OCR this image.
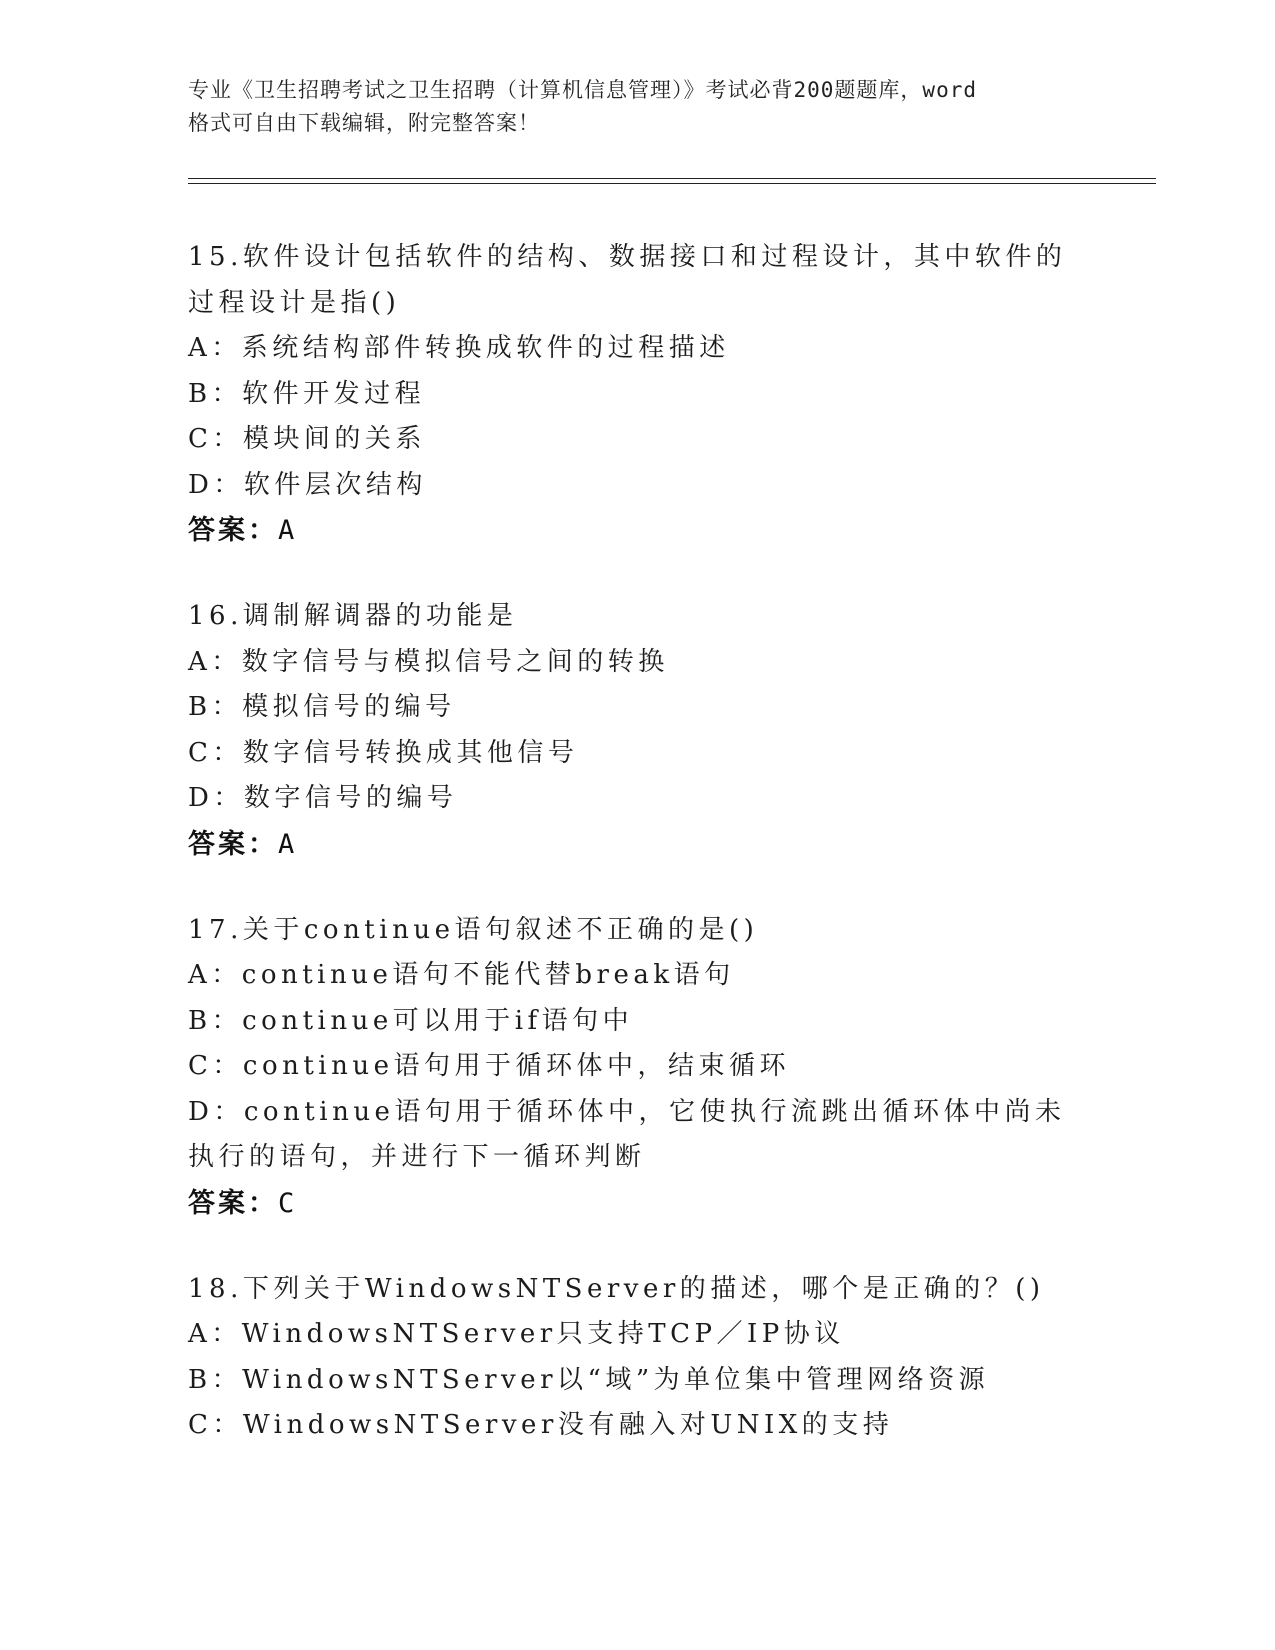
专业《卫生招聘考试之卫生招聘（计算机信息管理）》考试必背200题题库，word
格式可自由下载编辑，附完整答案！
15.软件设计包括软件的结构、数据接口和过程设计，其中软件的过程设计是指()
A：系统结构部件转换成软件的过程描述
B：软件开发过程
C：模块间的关系
D：软件层次结构
答案：A
16.调制解调器的功能是
A：数字信号与模拟信号之间的转换
B：模拟信号的编号
C：数字信号转换成其他信号
D：数字信号的编号
答案：A
17.关于continue语句叙述不正确的是()
A：continue语句不能代替break语句
B：continue可以用于if语句中
C：continue语句用于循环体中，结束循环
D：continue语句用于循环体中，它使执行流跳出循环体中尚未执行的语句，并进行下一循环判断
答案：C
18.下列关于WindowsNTServer的描述，哪个是正确的？()
A：WindowsNTServer只支持TCP／IP协议
B：WindowsNTServer以“域”为单位集中管理网络资源
C：WindowsNTServer没有融入对UNIX的支持
